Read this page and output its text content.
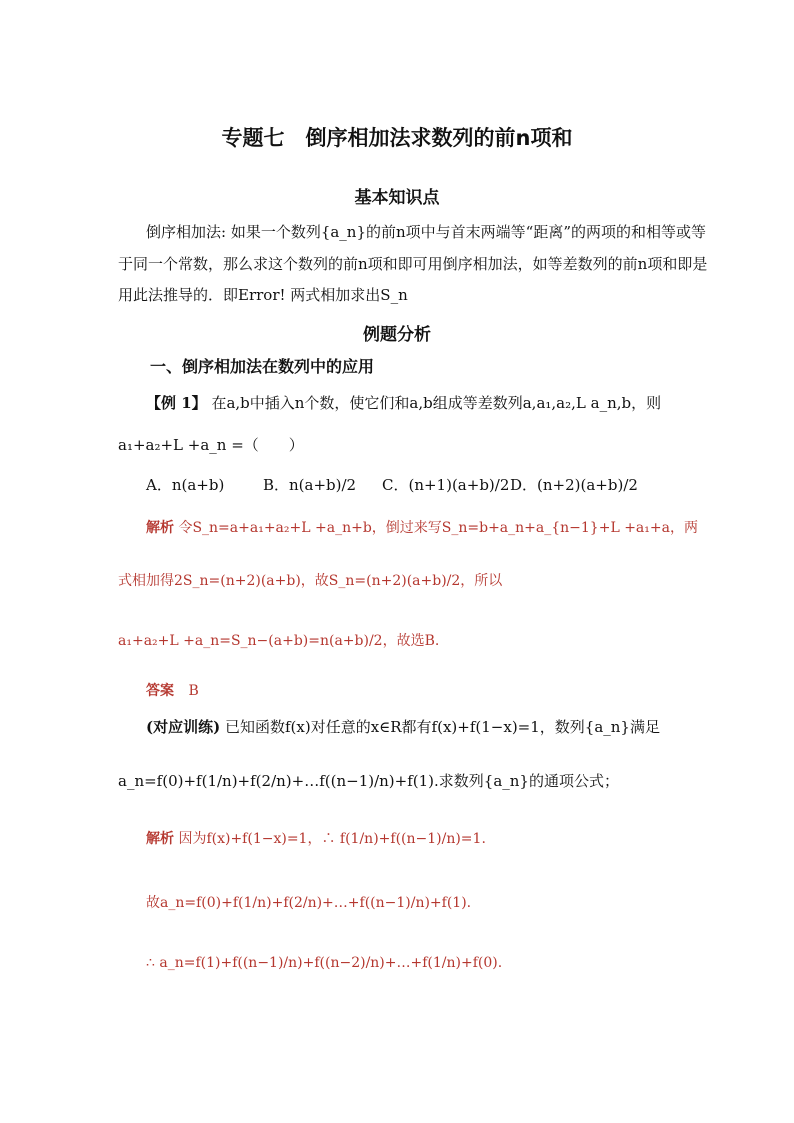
专题七　倒序相加法求数列的前n项和
基本知识点
倒序相加法: 如果一个数列{a_n}的前n项中与首末两端等“距离”的两项的和相等或等
于同一个常数，那么求这个数列的前n项和即可用倒序相加法，如等差数列的前n项和即是
用此法推导的．即Error! 两式相加求出S_n
例题分析
一、倒序相加法在数列中的应用
【例 1】 在a,b中插入n个数，使它们和a,b组成等差数列a,a₁,a₂,L a_n,b，则
a₁+a₂+L +a_n =（　　）
A．n(a+b)	B．n(a+b)/2 C．(n+1)(a+b)/2 D．(n+2)(a+b)/2
解析 令S_n=a+a₁+a₂+L +a_n+b，倒过来写S_n=b+a_n+a_{n−1}+L +a₁+a，两
式相加得2S_n=(n+2)(a+b)，故S_n=(n+2)(a+b)/2，所以
a₁+a₂+L +a_n=S_n−(a+b)=n(a+b)/2，故选B.
答案 B
(对应训练) 已知函数f(x)对任意的x∈R都有f(x)+f(1−x)=1，数列{a_n}满足
a_n=f(0)+f(1/n)+f(2/n)+…f((n−1)/n)+f(1).求数列{a_n}的通项公式；
解析 因为f(x)+f(1−x)=1，∴ f(1/n)+f((n−1)/n)=1.
故a_n=f(0)+f(1/n)+f(2/n)+…+f((n−1)/n)+f(1).
∴ a_n=f(1)+f((n−1)/n)+f((n−2)/n)+…+f(1/n)+f(0).
